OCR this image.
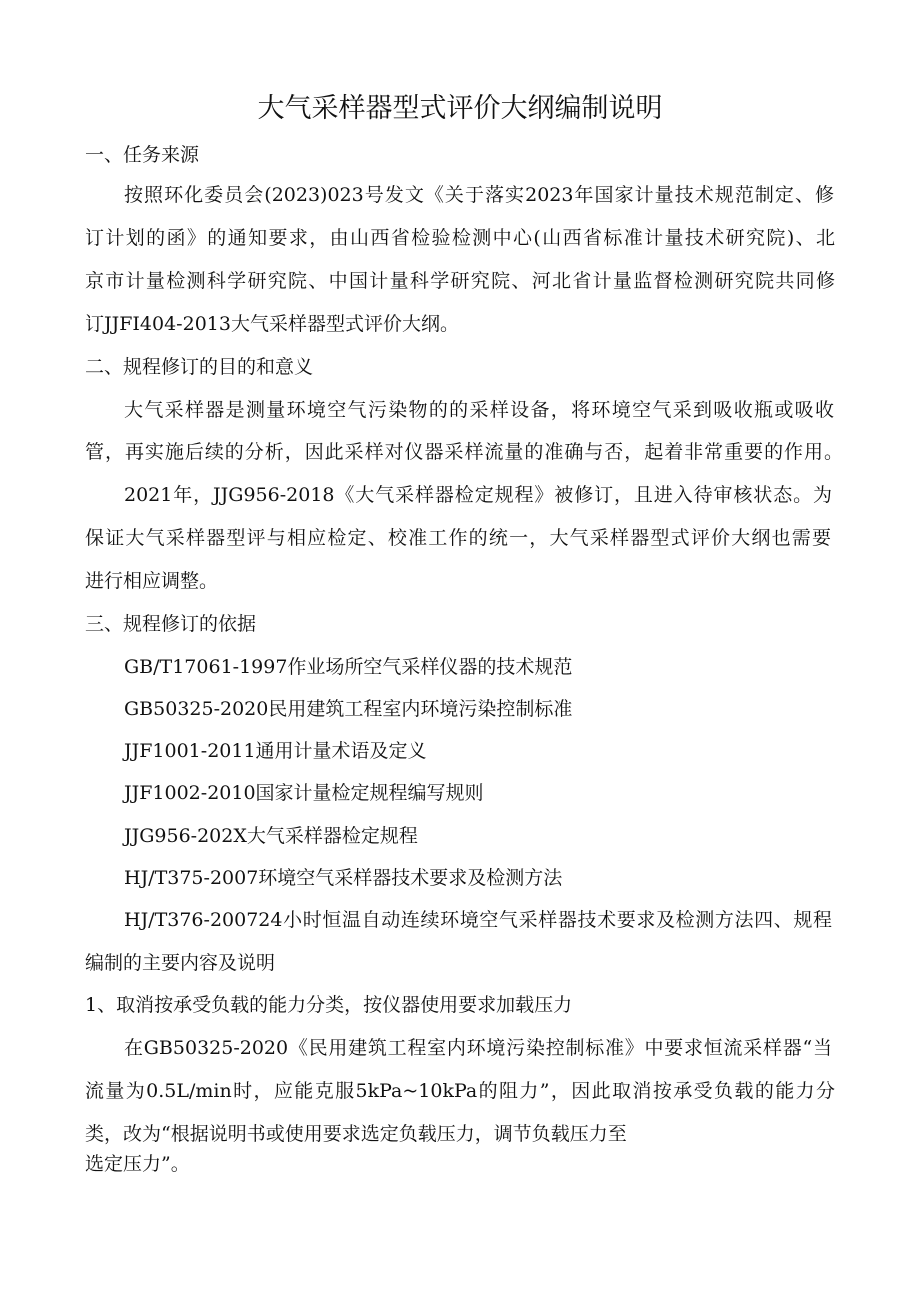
大气采样器型式评价大纲编制说明
一、任务来源
按照环化委员会(2023)023号发文《关于落实2023年国家计量技术规范制定、修
订计划的函》的通知要求，由山西省检验检测中心(山西省标准计量技术研究院)、北
京市计量检测科学研究院、中国计量科学研究院、河北省计量监督检测研究院共同修
订JJFI404-2013大气采样器型式评价大纲。
二、规程修订的目的和意义
大气采样器是测量环境空气污染物的的采样设备，将环境空气采到吸收瓶或吸收
管，再实施后续的分析，因此采样对仪器采样流量的准确与否，起着非常重要的作用。
2021年，JJG956-2018《大气采样器检定规程》被修订，且进入待审核状态。为
保证大气采样器型评与相应检定、校准工作的统一，大气采样器型式评价大纲也需要
进行相应调整。
三、规程修订的依据
GB/T17061-1997作业场所空气采样仪器的技术规范
GB50325-2020民用建筑工程室内环境污染控制标准
JJF1001-2011通用计量术语及定义
JJF1002-2010国家计量检定规程编写规则
JJG956-202X大气采样器检定规程
HJ/T375-2007环境空气采样器技术要求及检测方法
HJ/T376-200724小时恒温自动连续环境空气采样器技术要求及检测方法四、规程
编制的主要内容及说明
1、取消按承受负载的能力分类，按仪器使用要求加载压力
在GB50325-2020《民用建筑工程室内环境污染控制标准》中要求恒流采样器“当
流量为0.5L/min时，应能克服5kPa~10kPa的阻力”，因此取消按承受负载的能力分
类，改为“根据说明书或使用要求选定负载压力，调节负载压力至
选定压力”。
